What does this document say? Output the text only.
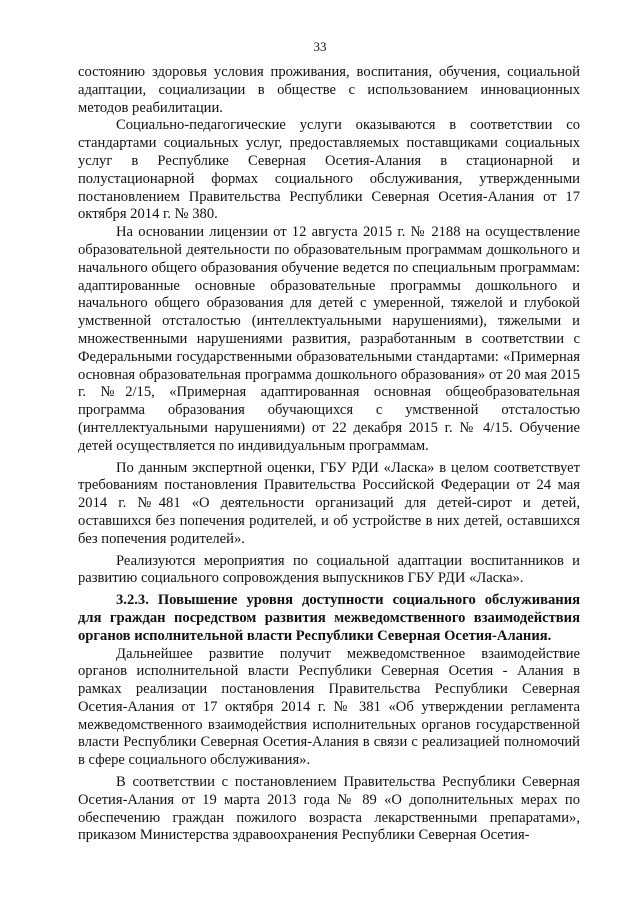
33

состоянию здоровья условия проживания, воспитания, обучения, социальной адаптации, социализации в обществе с использованием инновационных методов реабилитации.

Социально-педагогические услуги оказываются в соответствии со стандартами социальных услуг, предоставляемых поставщиками социальных услуг в Республике Северная Осетия-Алания в стационарной и полустационарной формах социального обслуживания, утвержденными постановлением Правительства Республики Северная Осетия-Алания от 17 октября 2014 г. № 380.

На основании лицензии от 12 августа 2015 г. № 2188 на осуществление образовательной деятельности по образовательным программам дошкольного и начального общего образования обучение ведется по специальным программам: адаптированные основные образовательные программы дошкольного и начального общего образования для детей с умеренной, тяжелой и глубокой умственной отсталостью (интеллектуальными нарушениями), тяжелыми и множественными нарушениями развития, разработанным в соответствии с Федеральными государственными образовательными стандартами: «Примерная основная образовательная программа дошкольного образования» от 20 мая 2015 г. №2/15, «Примерная адаптированная основная общеобразовательная программа образования обучающихся с умственной отсталостью (интеллектуальными нарушениями) от 22 декабря 2015 г. № 4/15. Обучение детей осуществляется по индивидуальным программам.

По данным экспертной оценки, ГБУ РДИ «Ласка» в целом соответствует требованиям постановления Правительства Российской Федерации от 24 мая 2014 г. №481 «О деятельности организаций для детей-сирот и детей, оставшихся без попечения родителей, и об устройстве в них детей, оставшихся без попечения родителей».

Реализуются мероприятия по социальной адаптации воспитанников и развитию социального сопровождения выпускников ГБУ РДИ «Ласка».

3.2.3. Повышение уровня доступности социального обслуживания для граждан посредством развития межведомственного взаимодействия органов исполнительной власти Республики Северная Осетия-Алания.

Дальнейшее развитие получит межведомственное взаимодействие органов исполнительной власти Республики Северная Осетия - Алания в рамках реализации постановления Правительства Республики Северная Осетия-Алания от 17 октября 2014 г. № 381 «Об утверждении регламента межведомственного взаимодействия исполнительных органов государственной власти Республики Северная Осетия-Алания в связи с реализацией полномочий в сфере социального обслуживания».

В соответствии с постановлением Правительства Республики Северная Осетия-Алания от 19 марта 2013 года № 89 «О дополнительных мерах по обеспечению граждан пожилого возраста лекарственными препаратами», приказом Министерства здравоохранения Республики Северная Осетия-
